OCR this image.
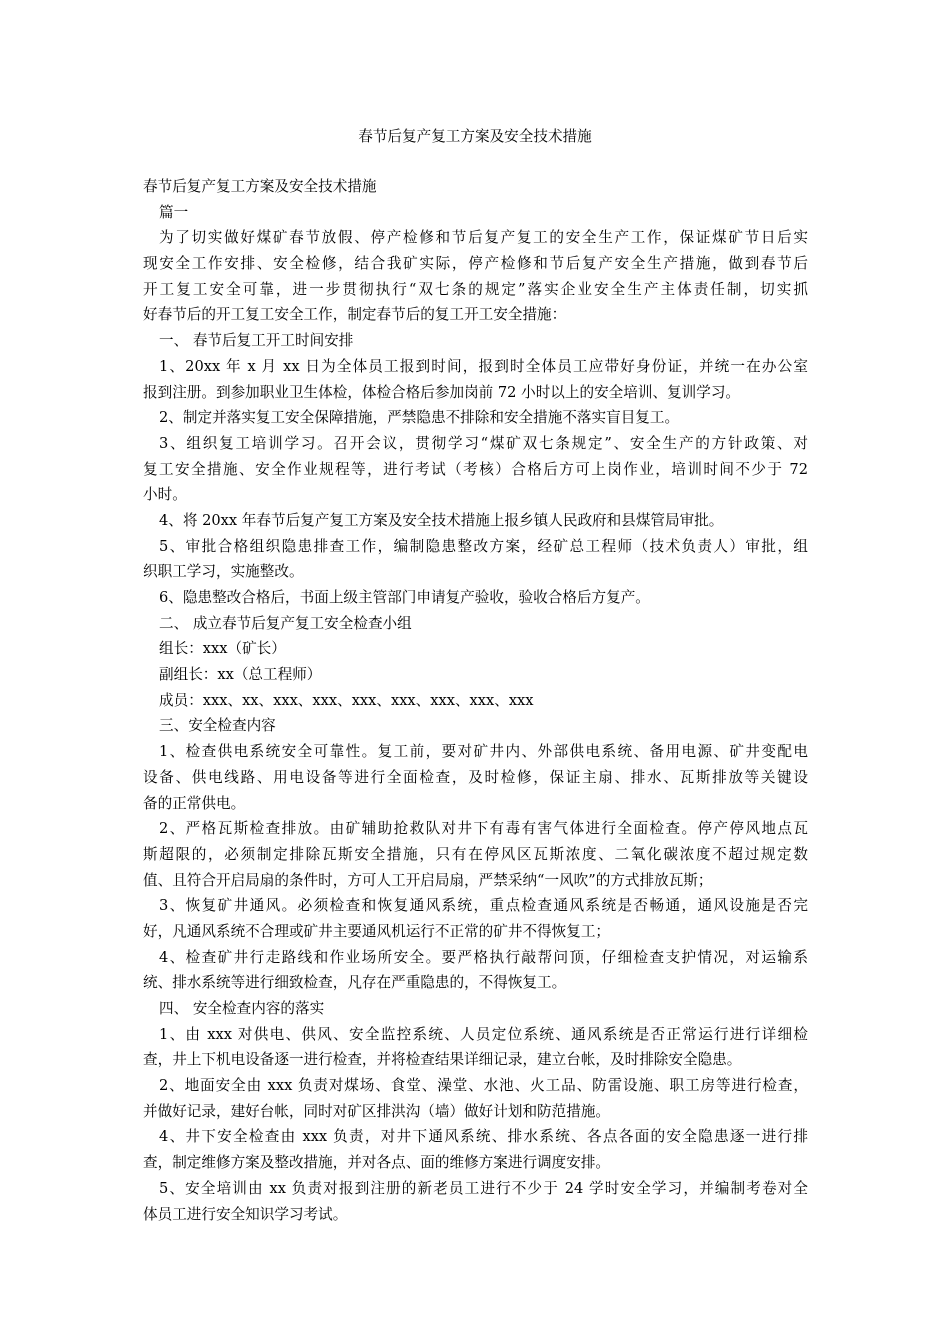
春节后复产复工方案及安全技术措施
春节后复产复工方案及安全技术措施
篇一
为了切实做好煤矿春节放假、停产检修和节后复产复工的安全生产工作，保证煤矿节日后实
现安全工作安排、安全检修，结合我矿实际，停产检修和节后复产安全生产措施，做到春节后
开工复工安全可靠，进一步贯彻执行“双七条的规定”落实企业安全生产主体责任制，切实抓
好春节后的开工复工安全工作，制定春节后的复工开工安全措施：
一、 春节后复工开工时间安排
1、20xx 年 x 月 xx 日为全体员工报到时间，报到时全体员工应带好身份证，并统一在办公室
报到注册。到参加职业卫生体检，体检合格后参加岗前 72 小时以上的安全培训、复训学习。
2、制定并落实复工安全保障措施，严禁隐患不排除和安全措施不落实盲目复工。
3、组织复工培训学习。召开会议，贯彻学习“煤矿双七条规定”、安全生产的方针政策、对
复工安全措施、安全作业规程等，进行考试（考核）合格后方可上岗作业，培训时间不少于 72
小时。
4、将 20xx 年春节后复产复工方案及安全技术措施上报乡镇人民政府和县煤管局审批。
5、审批合格组织隐患排查工作，编制隐患整改方案，经矿总工程师（技术负责人）审批，组
织职工学习，实施整改。
6、隐患整改合格后，书面上级主管部门申请复产验收，验收合格后方复产。
二、 成立春节后复产复工安全检查小组
组长：xxx（矿长）
副组长：xx（总工程师）
成员：xxx、xx、xxx、xxx、xxx、xxx、xxx、xxx、xxx
三、安全检查内容
1、检查供电系统安全可靠性。复工前，要对矿井内、外部供电系统、备用电源、矿井变配电
设备、供电线路、用电设备等进行全面检查，及时检修，保证主扇、排水、瓦斯排放等关键设
备的正常供电。
2、严格瓦斯检查排放。由矿辅助抢救队对井下有毒有害气体进行全面检查。停产停风地点瓦
斯超限的，必须制定排除瓦斯安全措施，只有在停风区瓦斯浓度、二氧化碳浓度不超过规定数
值、且符合开启局扇的条件时，方可人工开启局扇，严禁采纳“一风吹”的方式排放瓦斯；
3、恢复矿井通风。必须检查和恢复通风系统，重点检查通风系统是否畅通，通风设施是否完
好，凡通风系统不合理或矿井主要通风机运行不正常的矿井不得恢复工；
4、检查矿井行走路线和作业场所安全。要严格执行敲帮问顶，仔细检查支护情况，对运输系
统、排水系统等进行细致检查，凡存在严重隐患的，不得恢复工。
四、 安全检查内容的落实
1、由 xxx 对供电、供风、安全监控系统、人员定位系统、通风系统是否正常运行进行详细检
查，井上下机电设备逐一进行检查，并将检查结果详细记录，建立台帐，及时排除安全隐患。
2、地面安全由 xxx 负责对煤场、食堂、澡堂、水池、火工品、防雷设施、职工房等进行检查，
并做好记录，建好台帐，同时对矿区排洪沟（墙）做好计划和防范措施。
4、井下安全检查由 xxx 负责，对井下通风系统、排水系统、各点各面的安全隐患逐一进行排
查，制定维修方案及整改措施，并对各点、面的维修方案进行调度安排。
5、安全培训由 xx 负责对报到注册的新老员工进行不少于 24 学时安全学习，并编制考卷对全
体员工进行安全知识学习考试。
